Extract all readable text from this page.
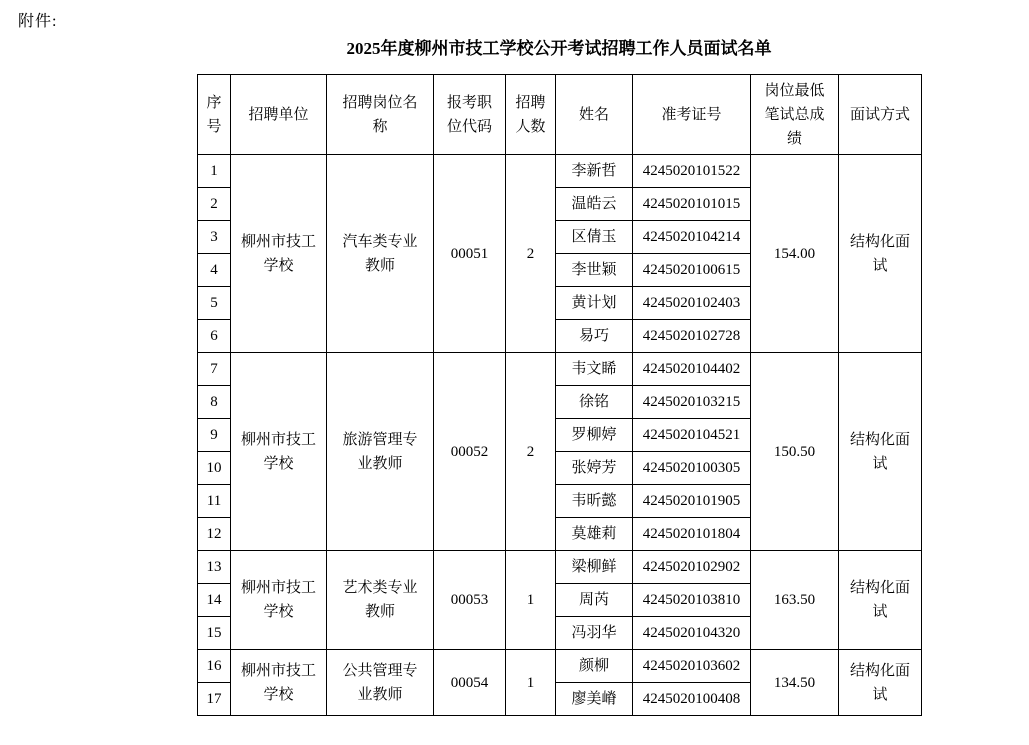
附件:
2025年度柳州市技工学校公开考试招聘工作人员面试名单
序号	招聘单位	招聘岗位名称	报考职位代码	招聘人数	姓名	准考证号	岗位最低笔试总成绩	面试方式
1	柳州市技工学校	汽车类专业教师	00051	2	李新哲	4245020101522	154.00	结构化面试
2					温皓云	4245020101015		
3					区倩玉	4245020104214		
4					李世颖	4245020100615		
5					黄计划	4245020102403		
6					易巧	4245020102728		
7	柳州市技工学校	旅游管理专业教师	00052	2	韦文睎	4245020104402	150.50	结构化面试
8					徐铭	4245020103215		
9					罗柳婷	4245020104521		
10					张婷芳	4245020100305		
11					韦昕懿	4245020101905		
12					莫雄莉	4245020101804		
13	柳州市技工学校	艺术类专业教师	00053	1	梁柳鲜	4245020102902	163.50	结构化面试
14					周芮	4245020103810		
15					冯羽华	4245020104320		
16	柳州市技工学校	公共管理专业教师	00054	1	颜柳	4245020103602	134.50	结构化面试
17					廖美嵴	4245020100408		
